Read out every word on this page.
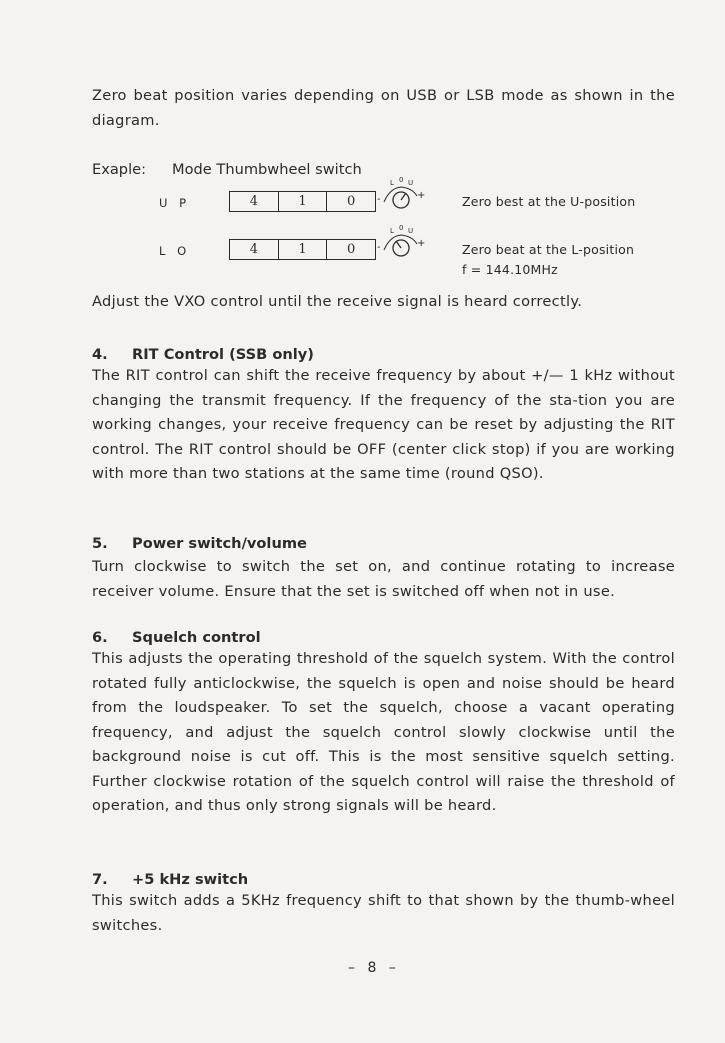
Zero beat position varies depending on USB or LSB mode as shown in the diagram.

Exaple: Mode Thumbwheel switch
U P	4	1	0
L 0 U
-	+	Zero best at the U-position
L O	4	1	0
L 0 U
-	+	Zero beat at the L-position
f = 144.10MHz

Adjust the VXO control until the receive signal is heard correctly.

4. RIT Control (SSB only)

The RIT control can shift the receive frequency by about +/— 1 kHz without changing the transmit frequency. If the frequency of the sta-tion you are working changes, your receive frequency can be reset by adjusting the RIT control. The RIT control should be OFF (center click stop) if you are working with more than two stations at the same time (round QSO).

5. Power switch/volume

Turn clockwise to switch the set on, and continue rotating to increase receiver volume. Ensure that the set is switched off when not in use.

6. Squelch control

This adjusts the operating threshold of the squelch system. With the control rotated fully anticlockwise, the squelch is open and noise should be heard from the loudspeaker. To set the squelch, choose a vacant operating frequency, and adjust the squelch control slowly clockwise until the background noise is cut off. This is the most sensitive squelch setting. Further clockwise rotation of the squelch control will raise the threshold of operation, and thus only strong signals will be heard.

7. +5 kHz switch

This switch adds a 5KHz frequency shift to that shown by the thumb-wheel switches.

– 8 –
